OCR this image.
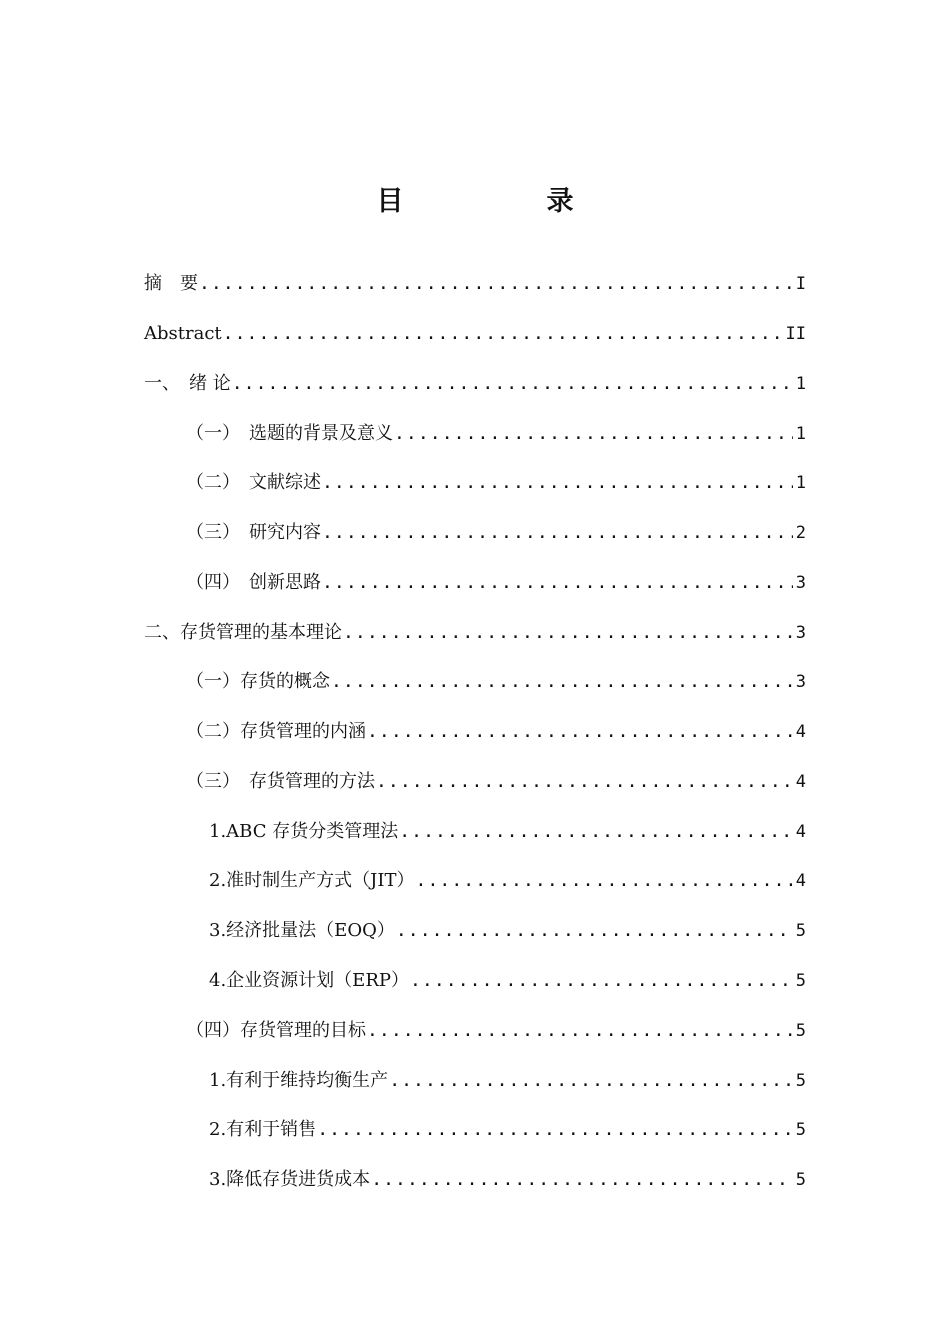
目　录
摘　要 .....	I
Abstract .....	II
一、　绪 论 .....	1
（一）　选题的背景及意义 .....	1
（二）　文献综述 .....	1
（三）　研究内容 .....	2
（四）　创新思路 .....	3
二、存货管理的基本理论 .....	3
（一）存货的概念 .....	3
（二）存货管理的内涵 .....	4
（三）　存货管理的方法 .....	4
1.ABC 存货分类管理法 .....	4
2.准时制生产方式（JIT） .....	4
3.经济批量法（EOQ） .....	5
4.企业资源计划（ERP） .....	5
（四）存货管理的目标 .....	5
1.有利于维持均衡生产 .....	5
2.有利于销售 .....	5
3.降低存货进货成本 .....	5
